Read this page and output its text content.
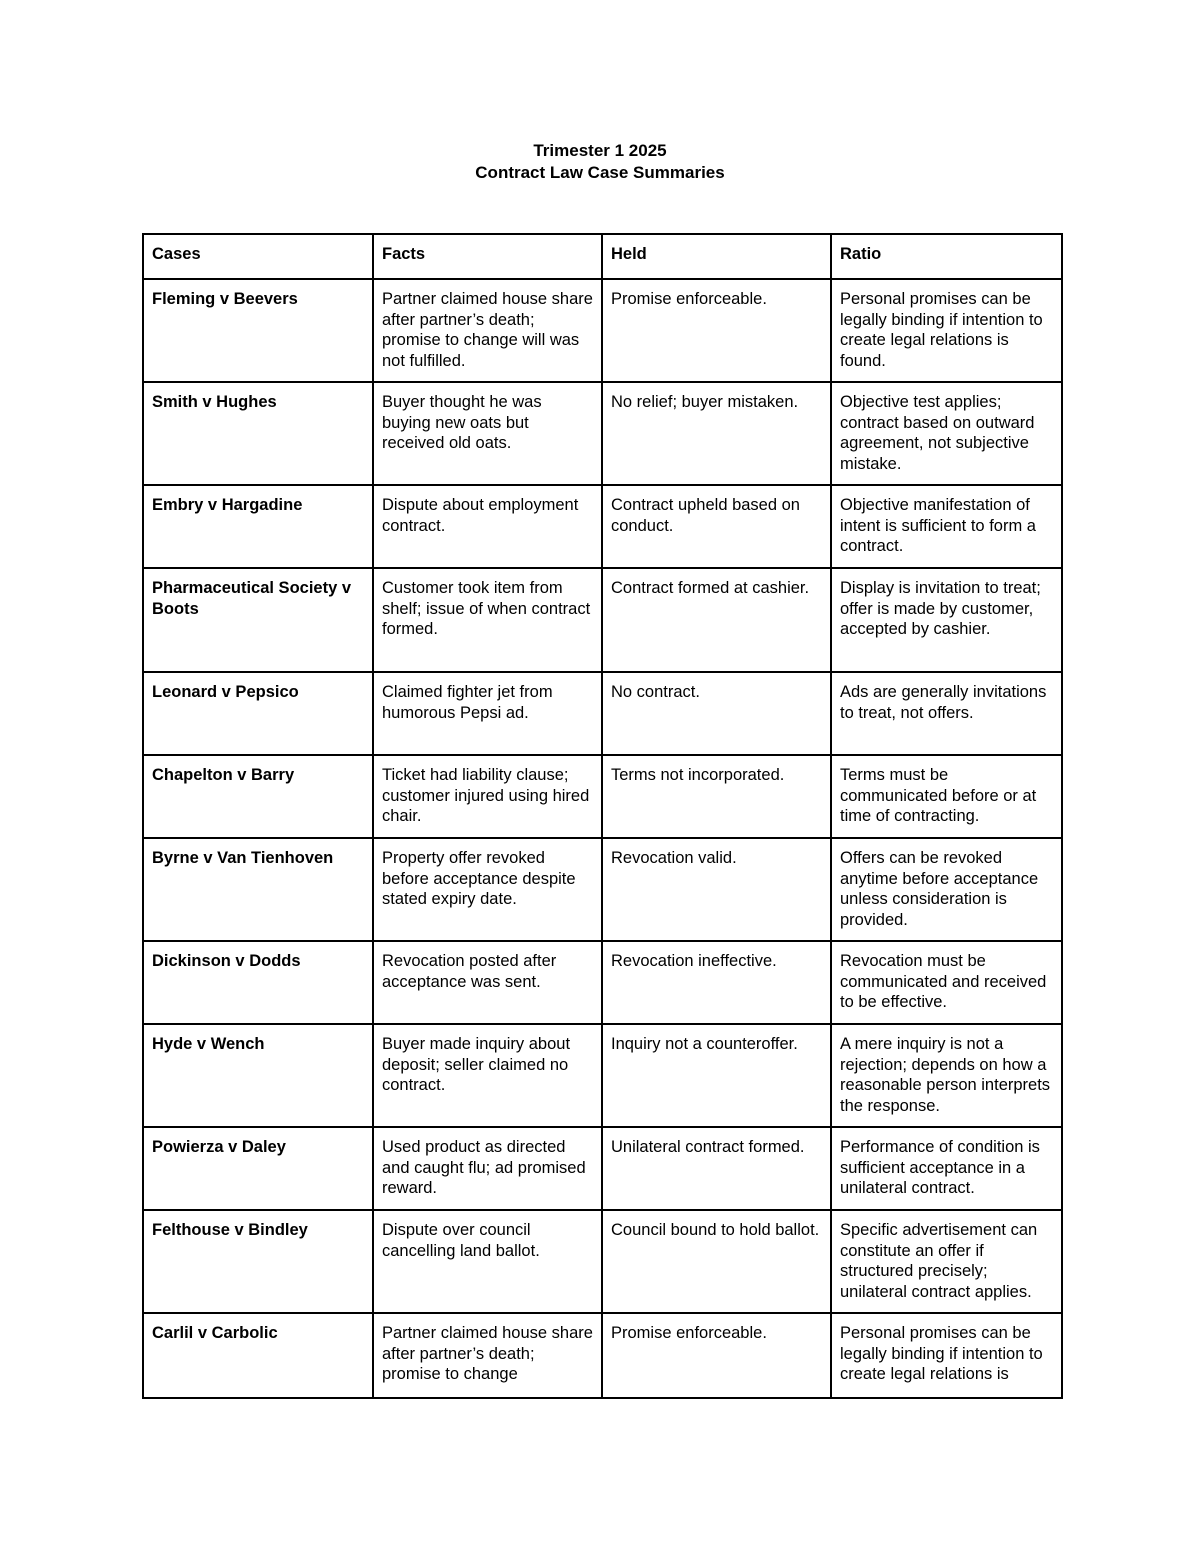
Trimester 1 2025
Contract Law Case Summaries
Cases	Facts	Held	Ratio
Fleming v Beevers	Partner claimed house share after partner’s death; promise to change will was not fulfilled.	Promise enforceable.	Personal promises can be legally binding if intention to create legal relations is found.
Smith v Hughes	Buyer thought he was buying new oats but received old oats.	No relief; buyer mistaken.	Objective test applies; contract based on outward agreement, not subjective mistake.
Embry v Hargadine	Dispute about employment contract.	Contract upheld based on conduct.	Objective manifestation of intent is sufficient to form a contract.
Pharmaceutical Society v Boots	Customer took item from shelf; issue of when contract formed.	Contract formed at cashier.	Display is invitation to treat; offer is made by customer, accepted by cashier.
Leonard v Pepsico	Claimed fighter jet from humorous Pepsi ad.	No contract.	Ads are generally invitations to treat, not offers.
Chapelton v Barry	Ticket had liability clause; customer injured using hired chair.	Terms not incorporated.	Terms must be communicated before or at time of contracting.
Byrne v Van Tienhoven	Property offer revoked before acceptance despite stated expiry date.	Revocation valid.	Offers can be revoked anytime before acceptance unless consideration is provided.
Dickinson v Dodds	Revocation posted after acceptance was sent.	Revocation ineffective.	Revocation must be communicated and received to be effective.
Hyde v Wench	Buyer made inquiry about deposit; seller claimed no contract.	Inquiry not a counteroffer.	A mere inquiry is not a rejection; depends on how a reasonable person interprets the response.
Powierza v Daley	Used product as directed and caught flu; ad promised reward.	Unilateral contract formed.	Performance of condition is sufficient acceptance in a unilateral contract.
Felthouse v Bindley	Dispute over council cancelling land ballot.	Council bound to hold ballot.	Specific advertisement can constitute an offer if structured precisely; unilateral contract applies.

Carlil v Carbolic	Partner claimed house share after partner’s death; promise to change	Promise enforceable.	Personal promises can be legally binding if intention to create legal relations is
